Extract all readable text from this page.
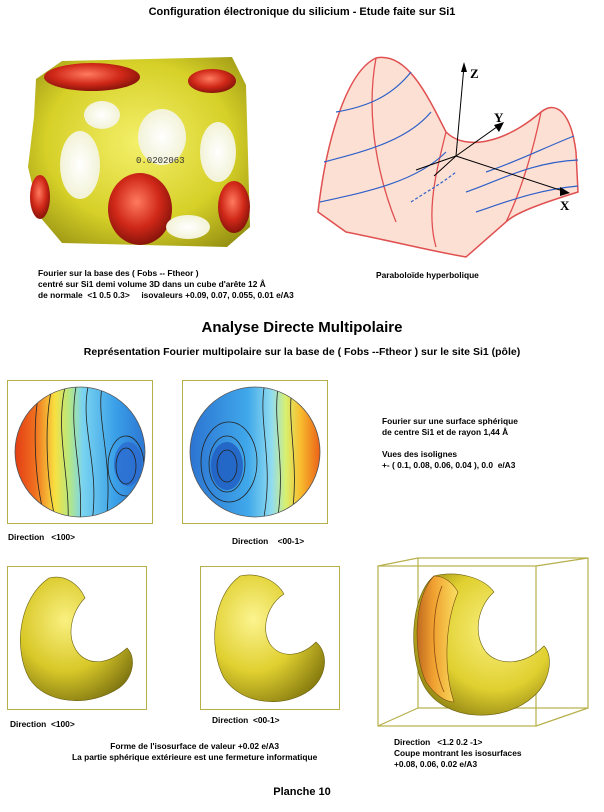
Configuration électronique du silicium - Etude faite sur Si1
0.0202063
Fourier sur la base des ( Fobs -- Ftheor )
centré sur Si1 demi volume 3D dans un cube d'arête 12 Å
de normale  <1 0.5 0.3>     isovaleurs +0.09, 0.07, 0.055, 0.01 e/A3
Z
Y
X
Paraboloïde hyperbolique
Analyse Directe Multipolaire
Représentation Fourier multipolaire sur la base de ( Fobs --Ftheor ) sur le site Si1 (pôle)
Fourier sur une surface sphérique
de centre Si1 et de rayon 1,44 Å

Vues des isolignes
+- ( 0.1, 0.08, 0.06, 0.04 ), 0.0  e/A3
Direction   <100>	Direction    <00-1>
Direction  <100>	Direction  <00-1>
Forme de l'isosurface de valeur +0.02 e/A3
La partie sphérique extérieure est une fermeture informatique
Direction   <1.2 0.2 -1>
Coupe montrant les isosurfaces
+0.08, 0.06, 0.02 e/A3
Planche 10
